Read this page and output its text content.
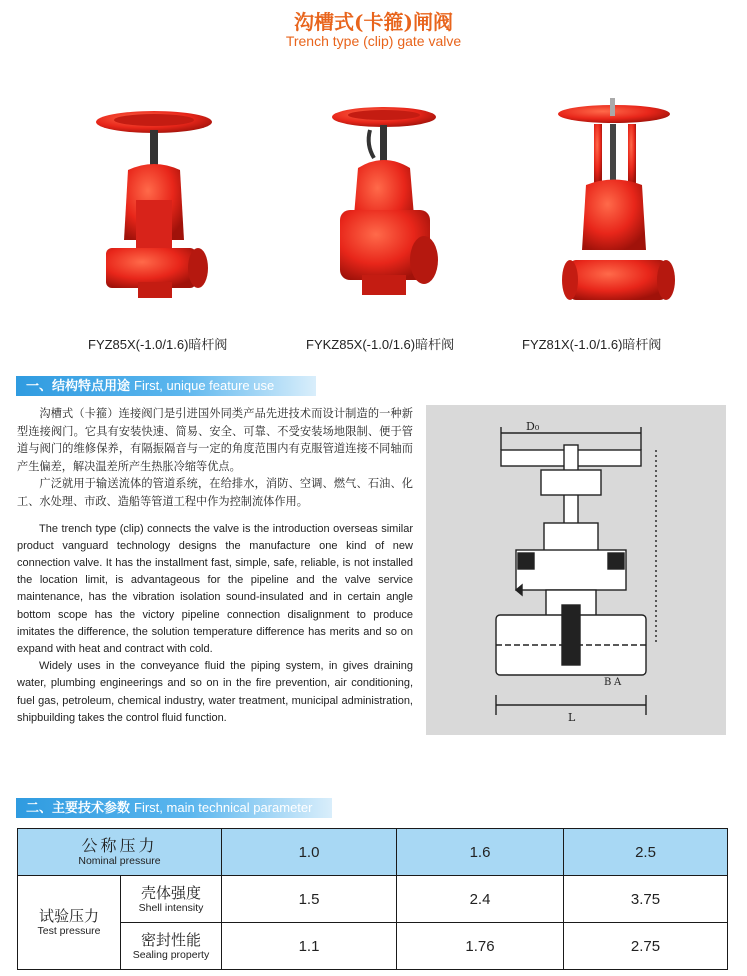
沟槽式(卡箍)闸阀
Trench type (clip) gate valve
FYZ85X(-1.0/1.6)暗杆阀	FYKZ85X(-1.0/1.6)暗杆阀	FYZ81X(-1.0/1.6)暗杆阀
一、结构特点用途 First, unique feature use

沟槽式（卡箍）连接阀门是引进国外同类产品先进技术而设计制造的一种新型连接阀门。它具有安装快速、简易、安全、可靠、不受安装场地限制、便于管道与阀门的维修保养，有隔振隔音与一定的角度范围内有克服管道连接不同轴而产生偏差，解决温差所产生热胀冷缩等优点。

广泛就用于输送流体的管道系统，在给排水，消防、空调、燃气、石油、化工、水处理、市政、造船等管道工程中作为控制流体作用。

The trench type (clip) connects the valve is the introduction overseas similar product vanguard technology designs the manufacture one kind of new connection valve. It has the installment fast, simple, safe, reliable, is not installed the location limit, is advantageous for the pipeline and the valve service maintenance, has the vibration isolation sound-insulated and in certain angle bottom scope has the victory pipeline connection disalignment to produce imitates the difference, the solution temperature difference has merits and so on expand with heat and contract with cold.

Widely uses in the conveyance fluid the piping system, in gives draining water, plumbing engineerings and so on in the fire prevention, air conditioning, fuel gas, petroleum, chemical industry, water treatment, municipal administration, shipbuilding takes the control fluid function.

D₀
L
B A
二、主要技术参数 First, main technical parameter
公称压力
Nominal pressure		1.0	1.6	2.5

试验压力
Test pressure	壳体强度
Shell intensity	1.5	2.4	3.75

	密封性能
Sealing property	1.1	1.76	2.75
